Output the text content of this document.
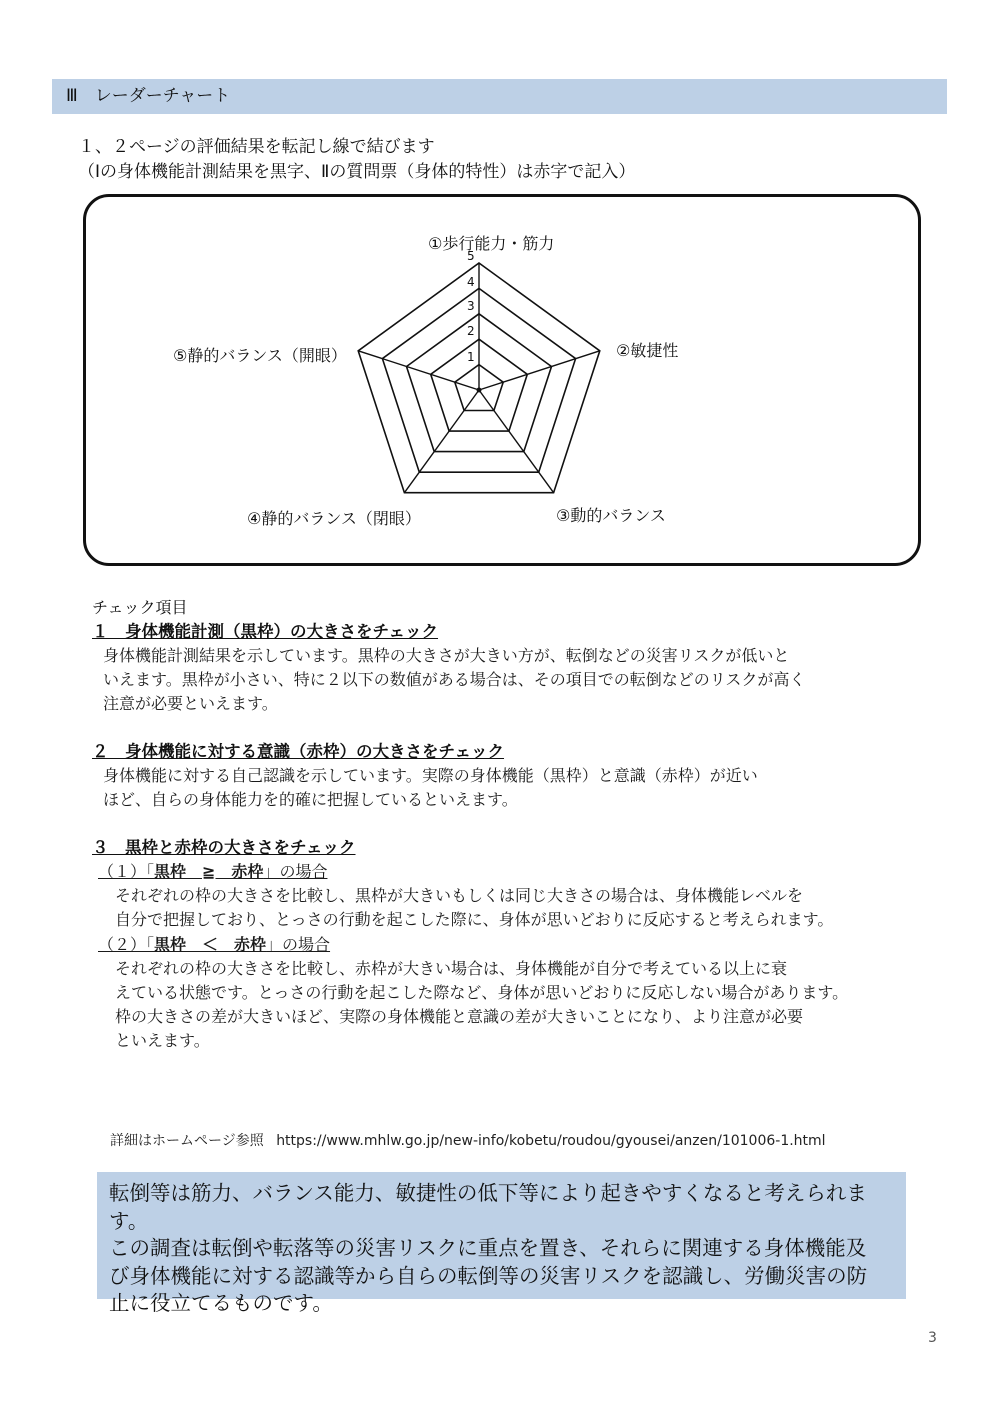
Ⅲ　レーダーチャート
１、２ページの評価結果を転記し線で結びます
（Ⅰの身体機能計測結果を黒字、Ⅱの質問票（身体的特性）は赤字で記入）
①歩行能力・筋力
②敏捷性
③動的バランス
④静的バランス（閉眼）
⑤静的バランス（開眼）	1
2
3
4
5
チェック項目
１　身体機能計測（黒枠）の大きさをチェック
身体機能計測結果を示しています。黒枠の大きさが大きい方が、転倒などの災害リスクが低いと
いえます。黒枠が小さい、特に２以下の数値がある場合は、その項目での転倒などのリスクが高く
注意が必要といえます。
２　身体機能に対する意識（赤枠）の大きさをチェック
身体機能に対する自己認識を示しています。実際の身体機能（黒枠）と意識（赤枠）が近い
ほど、自らの身体能力を的確に把握しているといえます。
３　黒枠と赤枠の大きさをチェック
（１）「黒枠　≧　赤枠」の場合
それぞれの枠の大きさを比較し、黒枠が大きいもしくは同じ大きさの場合は、身体機能レベルを
自分で把握しており、とっさの行動を起こした際に、身体が思いどおりに反応すると考えられます。
（２）「黒枠　＜　赤枠」の場合
それぞれの枠の大きさを比較し、赤枠が大きい場合は、身体機能が自分で考えている以上に衰
えている状態です。とっさの行動を起こした際など、身体が思いどおりに反応しない場合があります。
枠の大きさの差が大きいほど、実際の身体機能と意識の差が大きいことになり、より注意が必要
といえます。
詳細はホームページ参照 https://www.mhlw.go.jp/new-info/kobetu/roudou/gyousei/anzen/101006-1.html
転倒等は筋力、バランス能力、敏捷性の低下等により起きやすくなると考えられます。
この調査は転倒や転落等の災害リスクに重点を置き、それらに関連する身体機能及
び身体機能に対する認識等から自らの転倒等の災害リスクを認識し、労働災害の防
止に役立てるものです。
3
